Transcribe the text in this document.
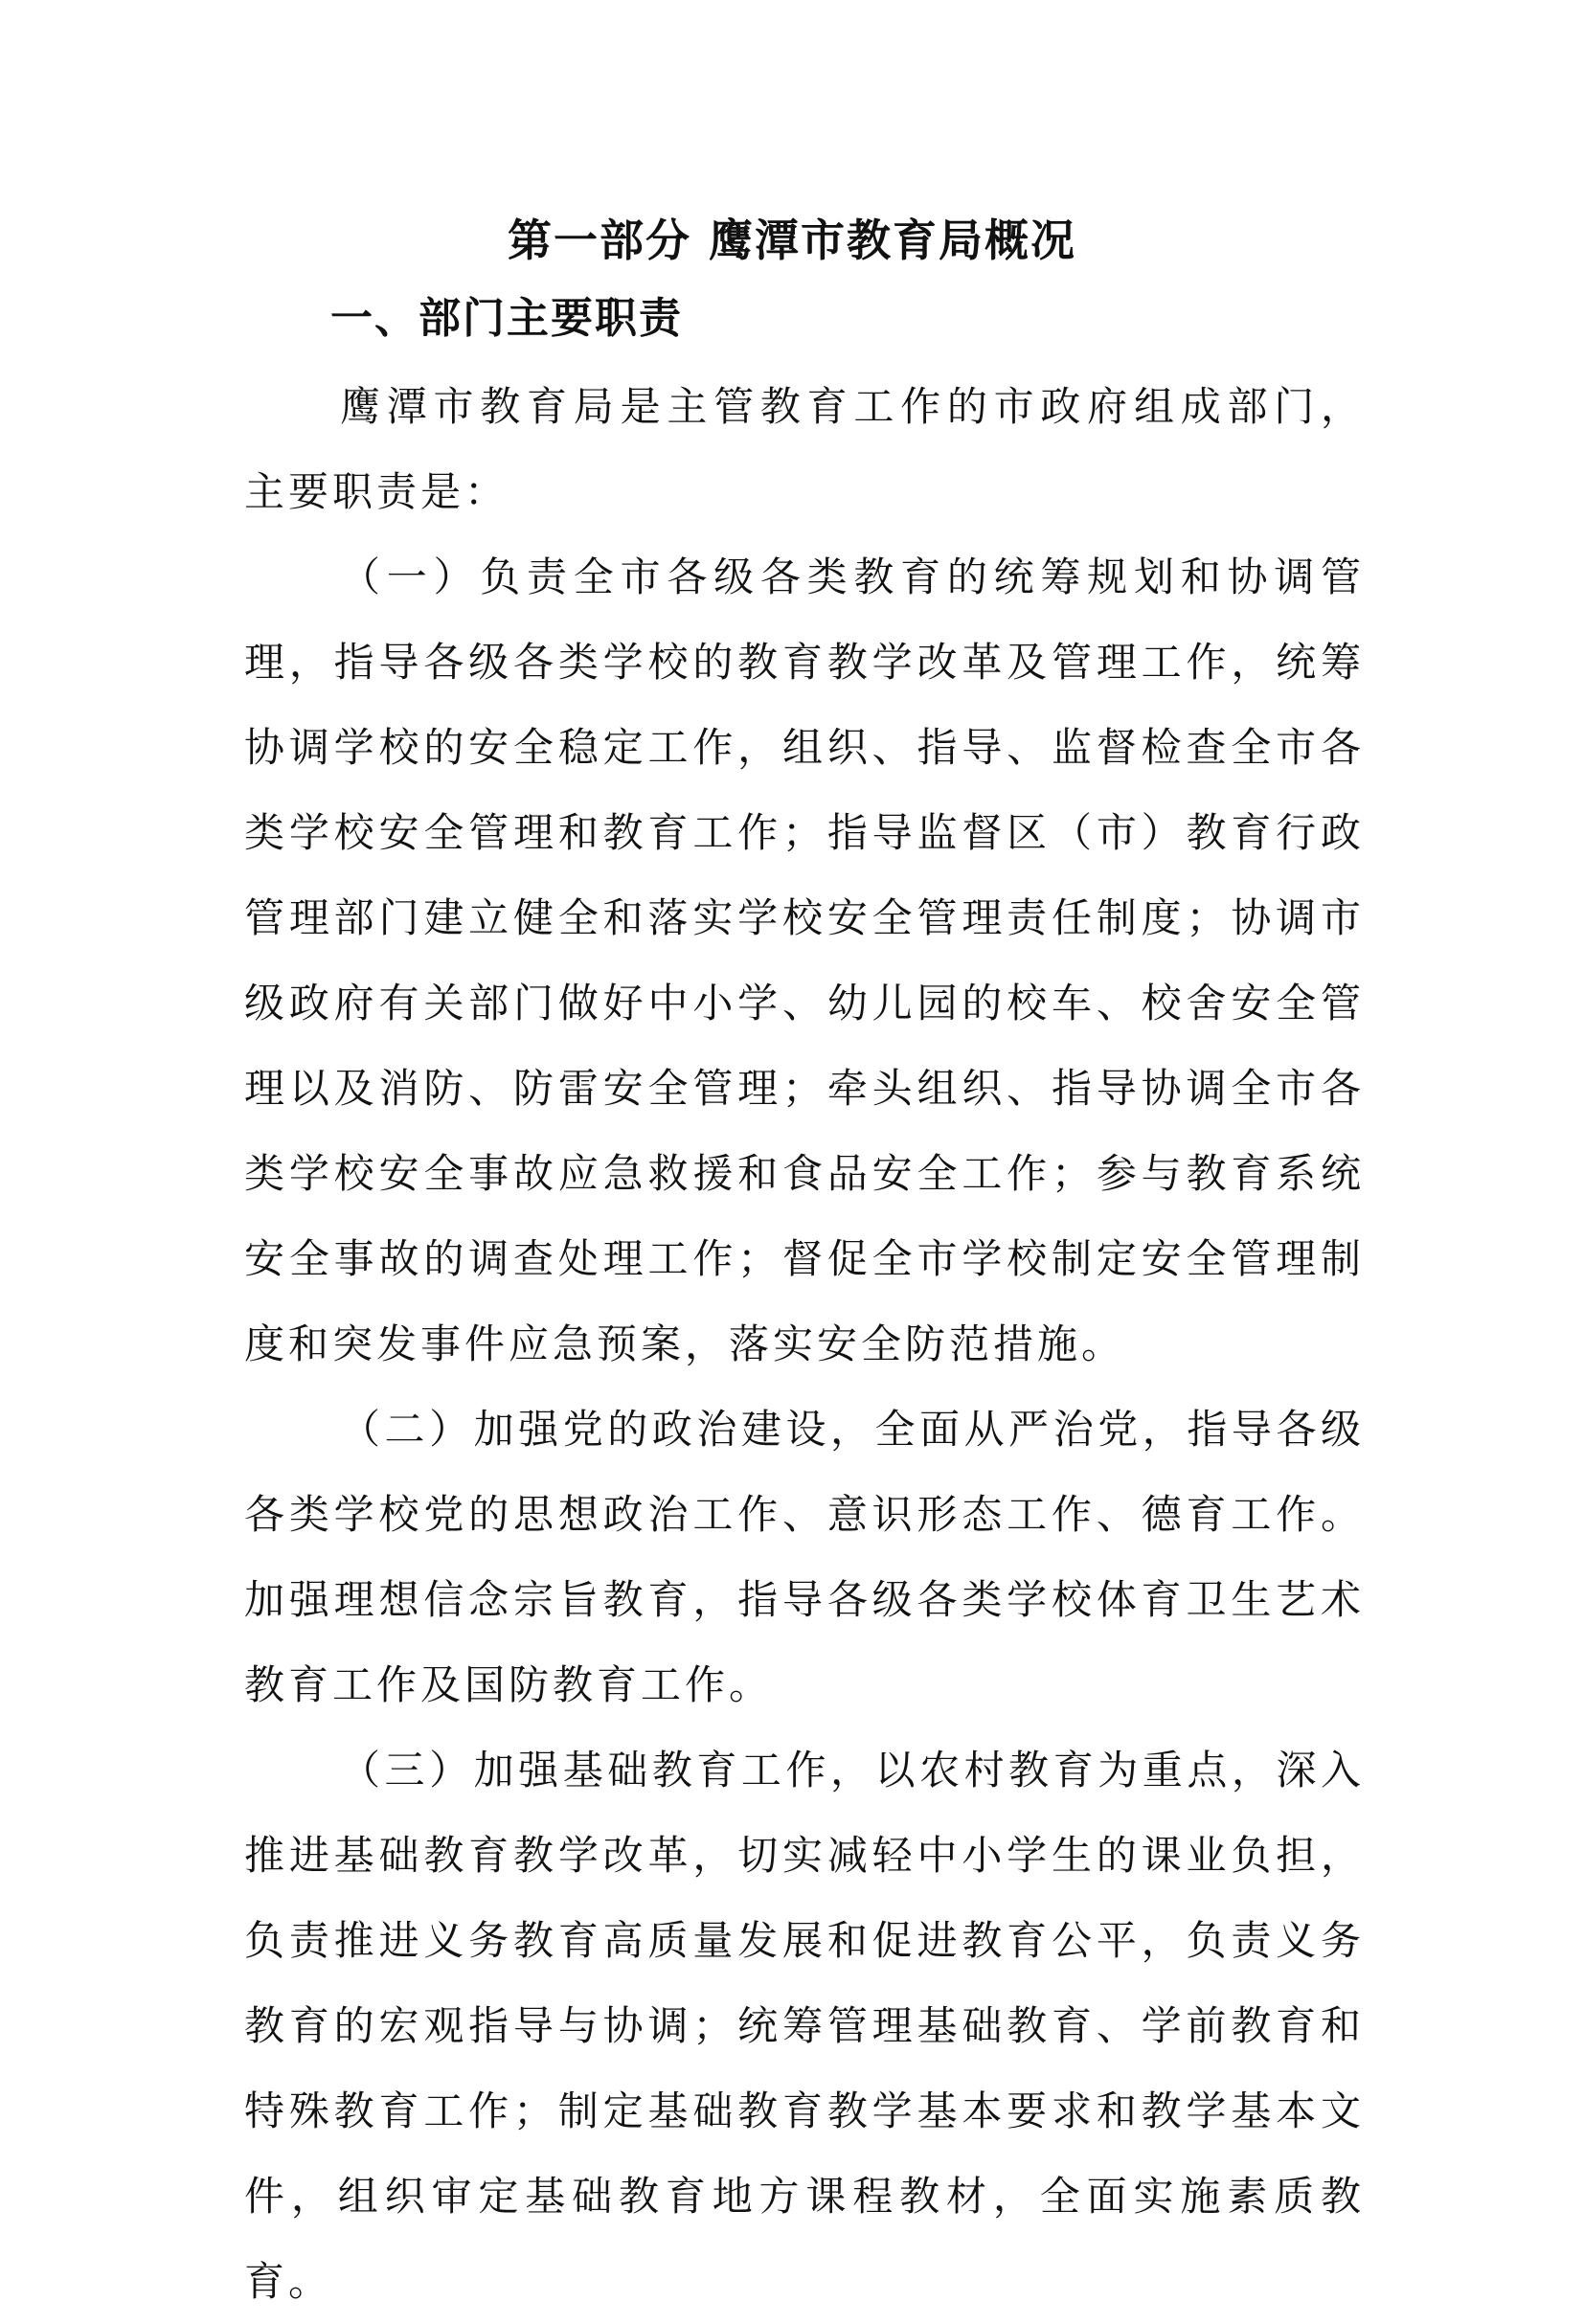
第一部分 鹰潭市教育局概况
一、部门主要职责

鹰潭市教育局是主管教育工作的市政府组成部门， 主要职责是：

（一）负责全市各级各类教育的统筹规划和协调管理，指导各级各类学校的教育教学改革及管理工作，统筹协调学校的安全稳定工作，组织、指导、监督检查全市各类学校安全管理和教育工作；指导监督区（市）教育行政管理部门建立健全和落实学校安全管理责任制度；协调市级政府有关部门做好中小学、幼儿园的校车、校舍安全管理以及消防、防雷安全管理；牵头组织、指导协调全市各类学校安全事故应急救援和食品安全工作；参与教育系统安全事故的调查处理工作；督促全市学校制定安全管理制度和突发事件应急预案，落实安全防范措施。

（二）加强党的政治建设，全面从严治党，指导各级各类学校党的思想政治工作、意识形态工作、德育工作。加强理想信念宗旨教育，指导各级各类学校体育卫生艺术教育工作及国防教育工作。

（三）加强基础教育工作，以农村教育为重点，深入推进基础教育教学改革，切实减轻中小学生的课业负担，负责推进义务教育高质量发展和促进教育公平，负责义务教育的宏观指导与协调；统筹管理基础教育、学前教育和特殊教育工作；制定基础教育教学基本要求和教学基本文件，组织审定基础教育地方课程教材，全面实施素质教育。
